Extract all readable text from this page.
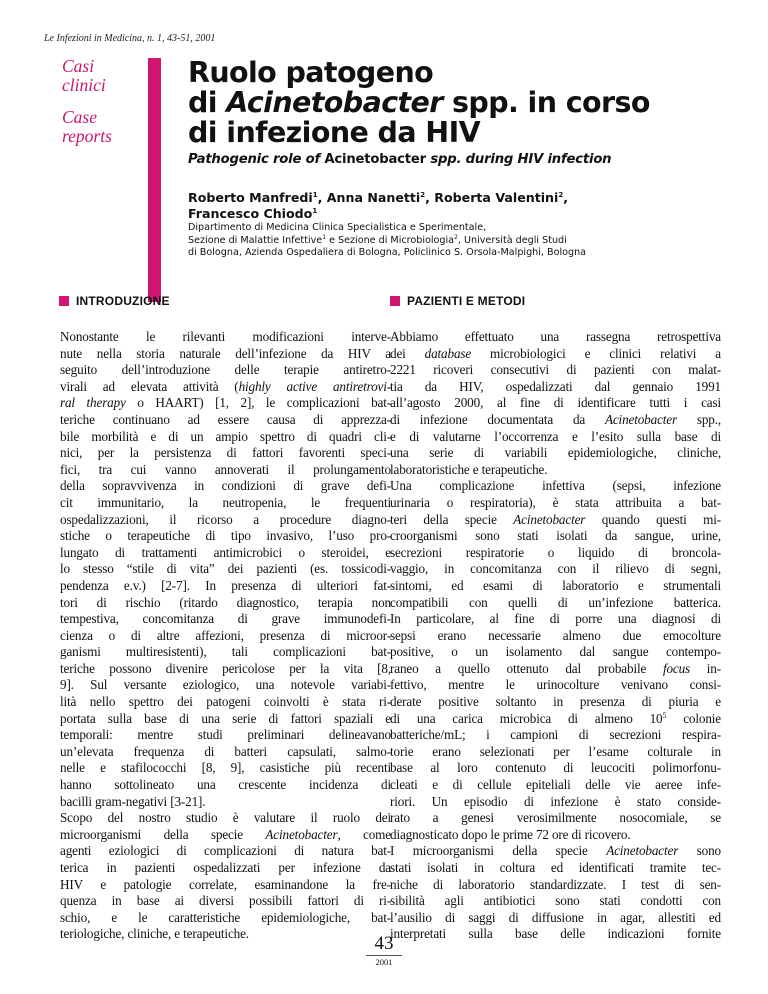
Le Infezioni in Medicina, n. 1, 43-51, 2001
Casi
clinici
Case
reports
Ruolo patogeno
di Acinetobacter spp. in corso
di infezione da HIV
Pathogenic role of Acinetobacter spp. during HIV infection
Roberto Manfredi$^1$, Anna Nanetti$^2$, Roberta Valentini$^2$,
Francesco Chiodo$^1$
Dipartimento di Medicina Clinica Specialistica e Sperimentale,
Sezione di Malattie Infettive$^1$ e Sezione di Microbiologia$^2$, Università degli Studi
di Bologna, Azienda Ospedaliera di Bologna, Policlinico S. Orsola-Malpighi, Bologna
INTRODUZIONE	PAZIENTI E METODI
Nonostante le rilevanti modificazioni interve-
nute nella storia naturale dell’infezione da HIV a
seguito dell’introduzione delle terapie antiretro-
virali ad elevata attività (highly active antiretrovi-
ral therapy o HAART) [1, 2], le complicazioni bat-
teriche continuano ad essere causa di apprezza-
bile morbilità e di un ampio spettro di quadri cli-
nici, per la persistenza di fattori favorenti speci-
fici, tra cui vanno annoverati il prolungamento
della sopravvivenza in condizioni di grave defi-
cit immunitario, la neutropenia, le frequenti
ospedalizzazioni, il ricorso a procedure diagno-
stiche o terapeutiche di tipo invasivo, l’uso pro-
lungato di trattamenti antimicrobici o steroidei, e
lo stesso “stile di vita” dei pazienti (es. tossicodi-
pendenza e.v.) [2-7]. In presenza di ulteriori fat-
tori di rischio (ritardo diagnostico, terapia non
tempestiva, concomitanza di grave immunodefi-
cienza o di altre affezioni, presenza di microor-
ganismi multiresistenti), tali complicazioni bat-
teriche possono divenire pericolose per la vita [8,
9]. Sul versante eziologico, una notevole variabi-
lità nello spettro dei patogeni coinvolti è stata ri-
portata sulla base di una serie di fattori spaziali e
temporali: mentre studi preliminari delineavano
un’elevata frequenza di batteri capsulati, salmo-
nelle e stafilococchi [8, 9], casistiche più recenti
hanno sottolineato una crescente incidenza di
bacilli gram-negativi [3-21].
Scopo del nostro studio è valutare il ruolo dei
microorganismi della specie Acinetobacter, come
agenti eziologici di complicazioni di natura bat-
terica in pazienti ospedalizzati per infezione da
HIV e patologie correlate, esaminandone la fre-
quenza in base ai diversi possibili fattori di ri-
schio, e le caratteristiche epidemiologiche, bat-
teriologiche, cliniche, e terapeutiche.
Abbiamo effettuato una rassegna retrospettiva
dei database microbiologici e clinici relativi a
2221 ricoveri consecutivi di pazienti con malat-
tia da HIV, ospedalizzati dal gennaio 1991
all’agosto 2000, al fine di identificare tutti i casi
di infezione documentata da Acinetobacter spp.,
e di valutarne l’occorrenza e l’esito sulla base di
una serie di variabili epidemiologiche, cliniche,
laboratoristiche e terapeutiche.
Una complicazione infettiva (sepsi, infezione
urinaria o respiratoria), è stata attribuita a bat-
teri della specie Acinetobacter quando questi mi-
croorganismi sono stati isolati da sangue, urine,
secrezioni respiratorie o liquido di broncola-
vaggio, in concomitanza con il rilievo di segni,
sintomi, ed esami di laboratorio e strumentali
compatibili con quelli di un’infezione batterica.
In particolare, al fine di porre una diagnosi di
sepsi erano necessarie almeno due emocolture
positive, o un isolamento dal sangue contempo-
raneo a quello ottenuto dal probabile focus in-
fettivo, mentre le urinocolture venivano consi-
derate positive soltanto in presenza di piuria e
di una carica microbica di almeno $10^5$ colonie
batteriche/mL; i campioni di secrezioni respira-
torie erano selezionati per l’esame colturale in
base al loro contenuto di leucociti polimorfonu-
cleati e di cellule epiteliali delle vie aeree infe-
riori. Un episodio di infezione è stato conside-
rato a genesi verosimilmente nosocomiale, se
diagnosticato dopo le prime 72 ore di ricovero.
I microorganismi della specie Acinetobacter sono
stati isolati in coltura ed identificati tramite tec-
niche di laboratorio standardizzate. I test di sen-
sibilità agli antibiotici sono stati condotti con
l’ausilio di saggi di diffusione in agar, allestiti ed
interpretati sulla base delle indicazioni fornite
43
2001
